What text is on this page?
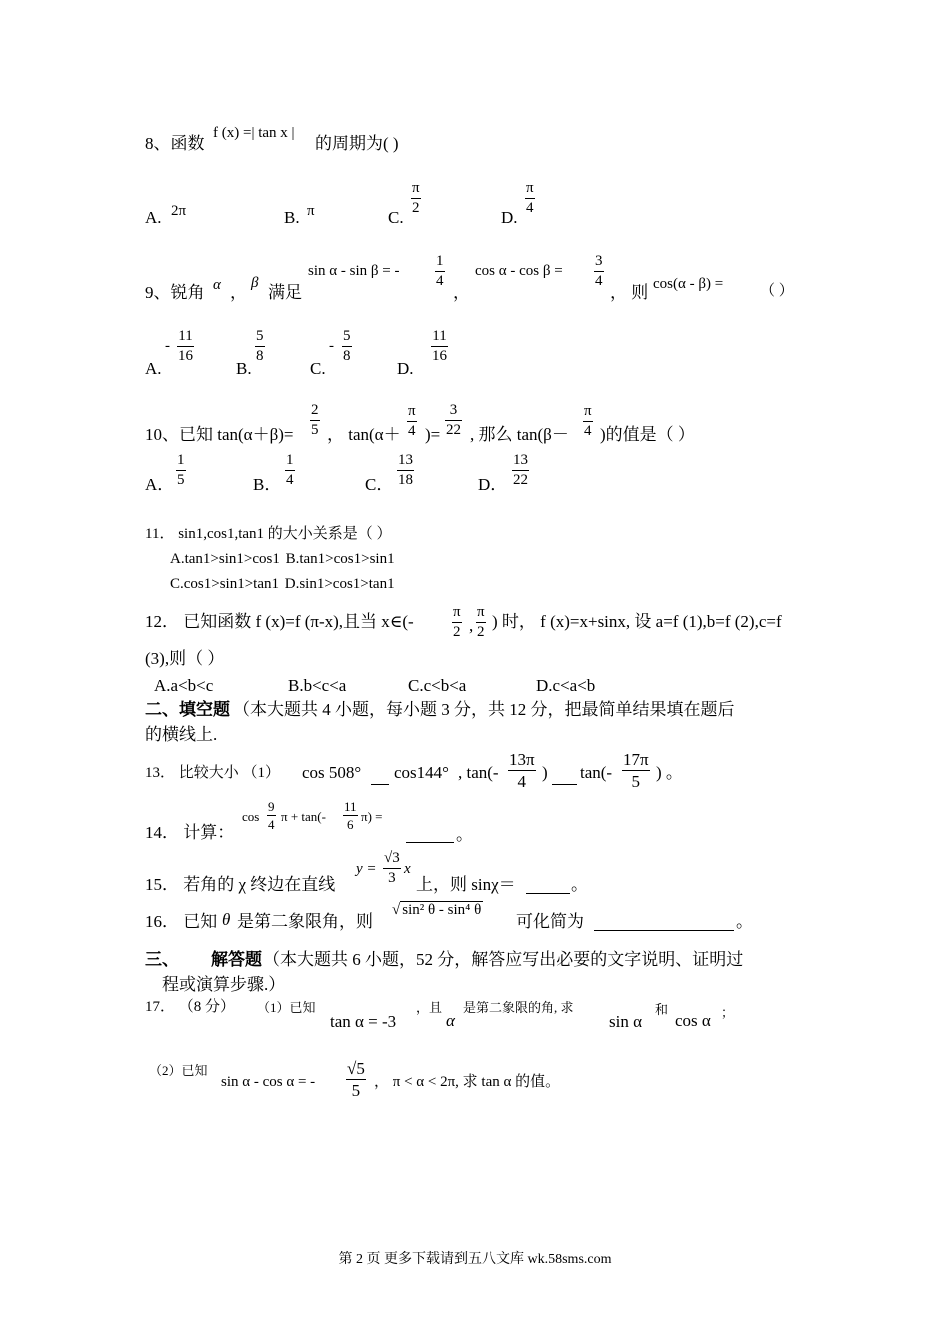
8、函数
f (x) =| tan x |
的周期为( )
A. 2π	B. π	C.
$\frac{\pi}{2}$
D.
$\frac{\pi}{4}$
9、锐角 α ， β 满足
sin α - sin β = - $\frac{1}{4}$
，
$\cos \alpha - \cos \beta = \frac{3}{4}$
， 则 cos(α - β) = （ ）
A.
- $\frac{11}{16}$
B.
$\frac{5}{8}$
C.
- $\frac{5}{8}$
D.
$\frac{11}{16}$
10、已知 $\tan(\alpha+\beta)= \frac{2}{5}$ ， $\tan(\alpha+ \frac{\pi}{4}$ )= $\frac{3}{22}$ , 那么 $\tan(\beta- \frac{\pi}{4}$ )的值是（ ）
A． $\frac{1}{5}$	B． $\frac{1}{4}$	C． $\frac{13}{18}$	D． $\frac{13}{22}$
11． sin1,cos1,tan1 的大小关系是（ ）
A.tan1>sin1>cos1 B.tan1>cos1>sin1
C.cos1>sin1>tan1 D.sin1>cos1>tan1
12． 已知函数 f (x)=f (π-x),且当 x∈(-	$\frac{\pi}{2}$ , $\frac{\pi}{2}$ ) 时， f (x)=x+sinx, 设 a=f (1),b=f (2),c=f
(3),则（ ）
A.a<b<c	B.b<c<a	C.c<b<a	D.c<a<b
二、填空题 （本大题共 4 小题，每小题 3 分，共 12 分，把最简单结果填在题后
的横线上.
13． 比较大小 （1） cos 508° cos144° , $\tan(- \frac{13\pi}{4}$ ) $\tan(- \frac{17\pi}{5}$ ) 。
14． 计算：
$\cos \frac{9}{4}$ $\pi + \tan(- \frac{11}{6} \pi)$ =
。
15． 若角的 χ 终边在直线
$y = \frac{√3}{3}$ x
上，则 sinχ＝	。
16． 已知 θ 是第二象限角，则
√ sin² θ - sin⁴ θ
可化简为	。
三、 解答题 （本大题共 6 小题，52 分，解答应写出必要的文字说明、证明过
程或演算步骤.）
17． （8 分） （1）已知
tan α = -3
，且
α
是第二象限的角, 求
sin α
和
cos α ；
（2）已知
sin α - cos α = - $\frac{√5}{5}$ ， π < α < 2π, 求 tan α 的值。
第 2 页 更多下载请到五八文库 wk.58sms.com
